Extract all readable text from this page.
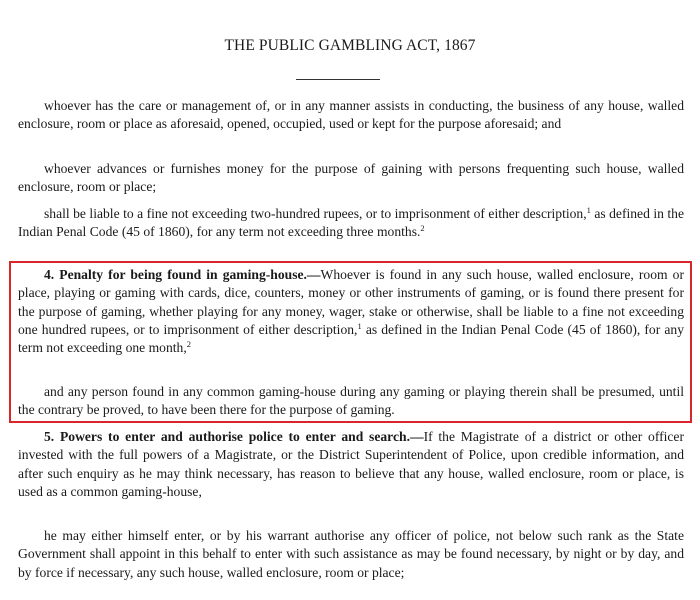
THE PUBLIC GAMBLING ACT, 1867

whoever has the care or management of, or in any manner assists in conducting, the business of any house, walled enclosure, room or place as aforesaid, opened, occupied, used or kept for the purpose aforesaid; and

whoever advances or furnishes money for the purpose of gaining with persons frequenting such house, walled enclosure, room or place;

shall be liable to a fine not exceeding two-hundred rupees, or to imprisonment of either description,$^1$ as defined in the Indian Penal Code (45 of 1860), for any term not exceeding three months.$^2$

4. Penalty for being found in gaming-house.—Whoever is found in any such house, walled enclosure, room or place, playing or gaming with cards, dice, counters, money or other instruments of gaming, or is found there present for the purpose of gaming, whether playing for any money, wager, stake or otherwise, shall be liable to a fine not exceeding one hundred rupees, or to imprisonment of either description,$^1$ as defined in the Indian Penal Code (45 of 1860), for any term not exceeding one month,$^2$

and any person found in any common gaming-house during any gaming or playing therein shall be presumed, until the contrary be proved, to have been there for the purpose of gaming.

5. Powers to enter and authorise police to enter and search.—If the Magistrate of a district or other officer invested with the full powers of a Magistrate, or the District Superintendent of Police, upon credible information, and after such enquiry as he may think necessary, has reason to believe that any house, walled enclosure, room or place, is used as a common gaming-house,

he may either himself enter, or by his warrant authorise any officer of police, not below such rank as the State Government shall appoint in this behalf to enter with such assistance as may be found necessary, by night or by day, and by force if necessary, any such house, walled enclosure, room or place;
